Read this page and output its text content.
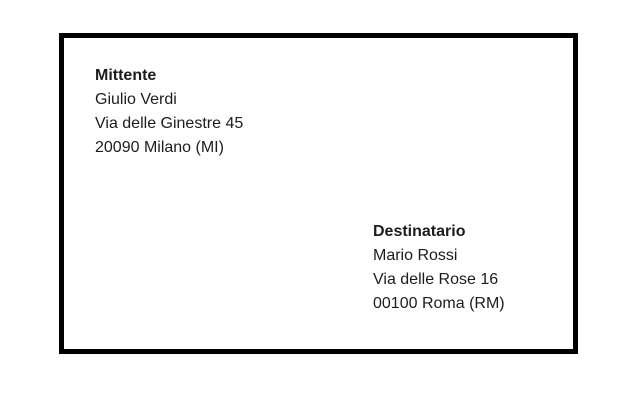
Mittente
Giulio Verdi
Via delle Ginestre 45
20090 Milano (MI)
Destinatario
Mario Rossi
Via delle Rose 16
00100 Roma (RM)
